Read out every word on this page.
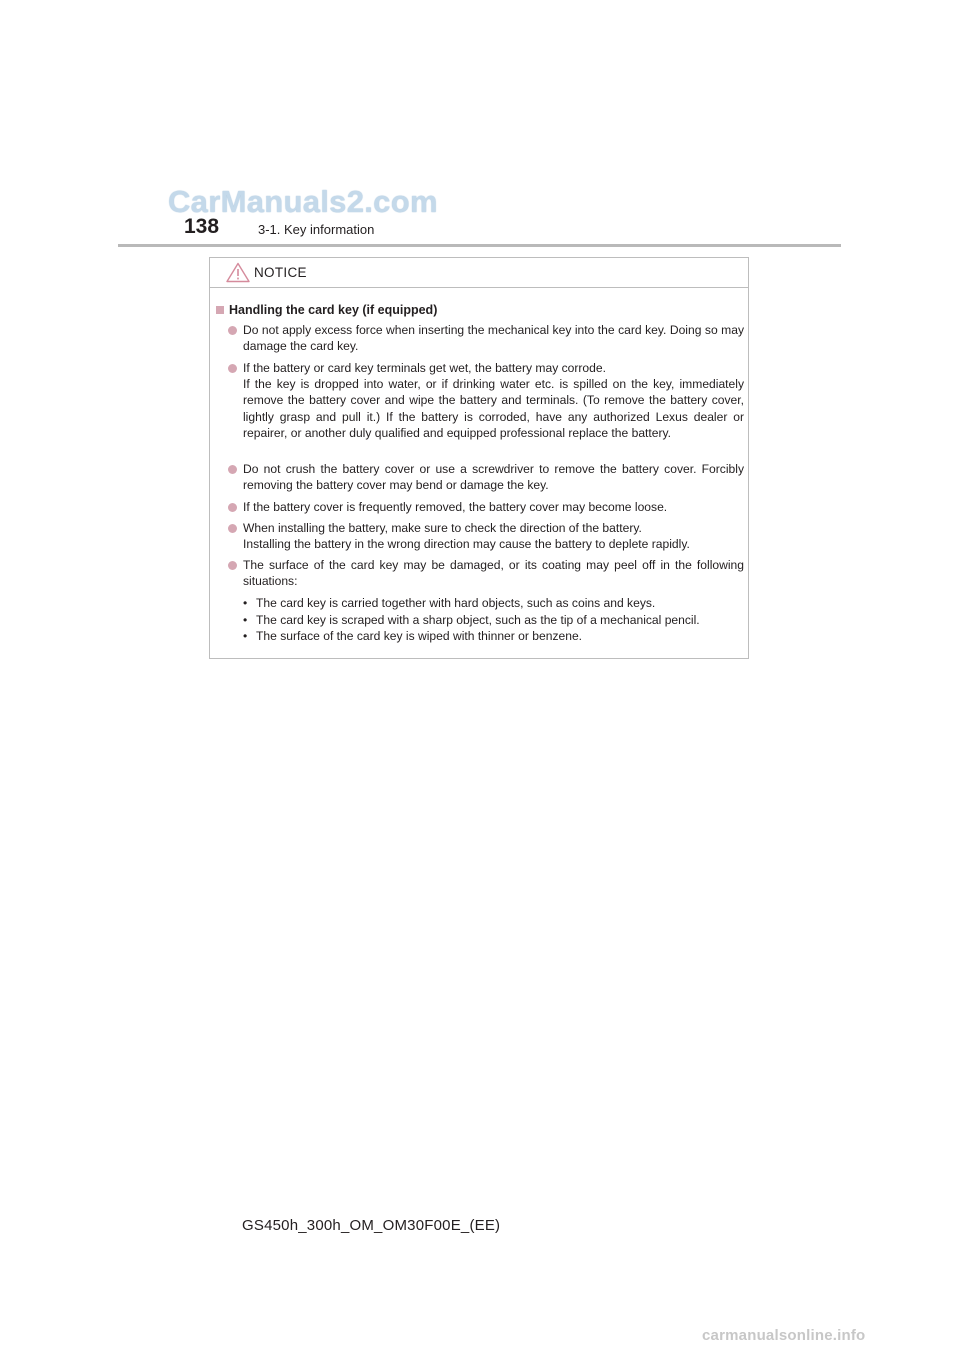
CarManuals2.com
138	3-1. Key information
NOTICE
Handling the card key (if equipped)

Do not apply excess force when inserting the mechanical key into the card key. Doing so may damage the card key.

If the battery or card key terminals get wet, the battery may corrode.

If the key is dropped into water, or if drinking water etc. is spilled on the key, immediately remove the battery cover and wipe the battery and terminals. (To remove the battery cover, lightly grasp and pull it.) If the battery is corroded, have any authorized Lexus dealer or repairer, or another duly qualified and equipped professional replace the battery.

Do not crush the battery cover or use a screwdriver to remove the battery cover. Forcibly removing the battery cover may bend or damage the key.

If the battery cover is frequently removed, the battery cover may become loose.

When installing the battery, make sure to check the direction of the battery.

Installing the battery in the wrong direction may cause the battery to deplete rapidly.

The surface of the card key may be damaged, or its coating may peel off in the following situations:

• The card key is carried together with hard objects, such as coins and keys.
• The card key is scraped with a sharp object, such as the tip of a mechanical pencil.
• The surface of the card key is wiped with thinner or benzene.
GS450h_300h_OM_OM30F00E_(EE)
carmanualsonline.info
